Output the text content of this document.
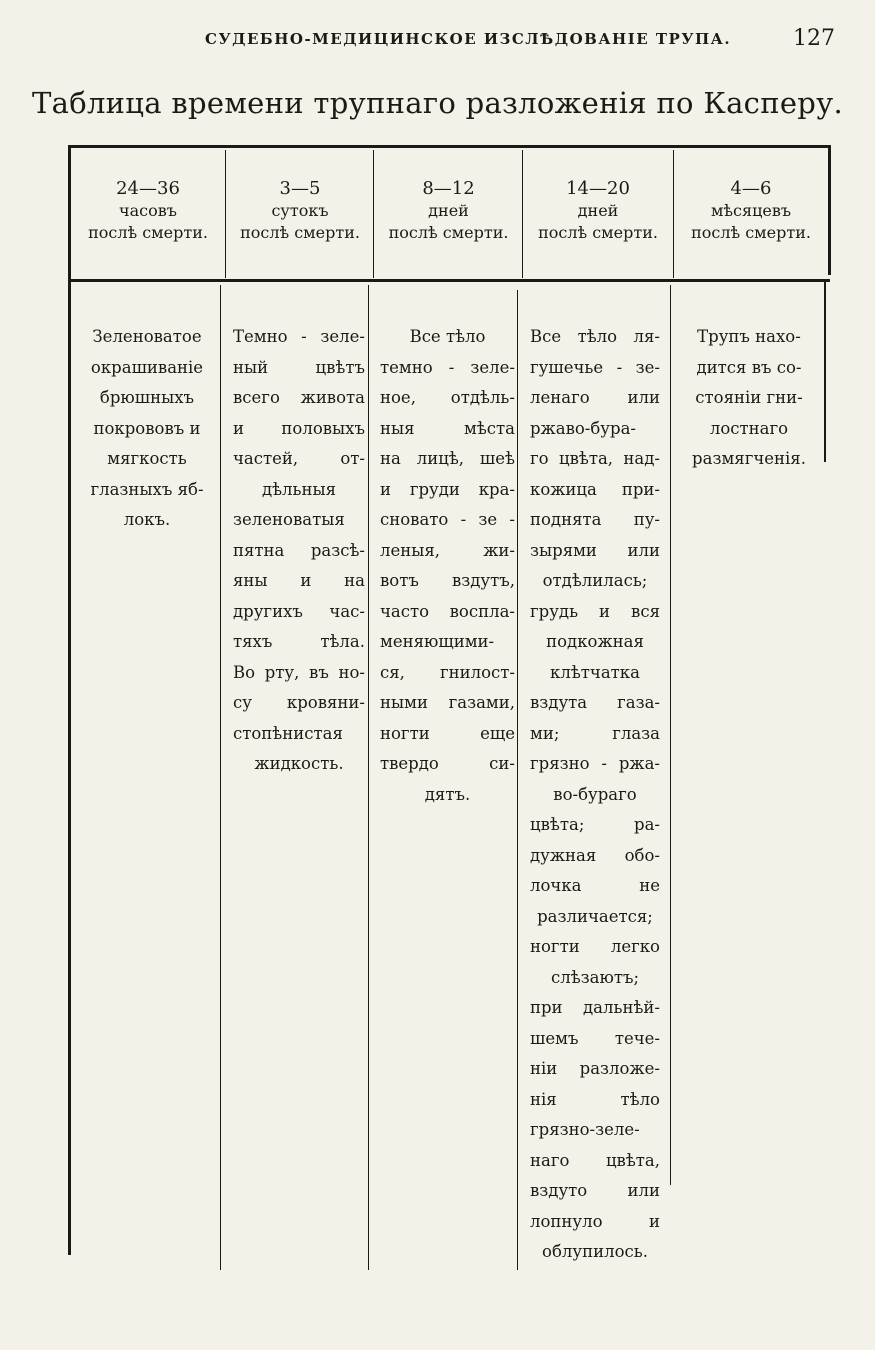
СУДЕБНО-МЕДИЦИНСКОЕ ИЗСЛѢДОВАНІЕ ТРУПА.	127
Таблица времени трупнаго разложенія по Касперу.
24—36
часовъ
послѣ смерти.
3—5
сутокъ
послѣ смерти.
8—12
дней
послѣ смерти.
14—20
дней
послѣ смерти.
4—6
мѣсяцевъ
послѣ смерти.
Зеленоватое
окрашиваніе
брюшныхъ
покрововъ и
мягкость
глазныхъ яб-
локъ.
Темно - зеле-
ный цвѣтъ
всего живота
и половыхъ
частей, от-
дѣльныя
зеленоватыя
пятна разсѣ-
яны и на
другихъ час-
тяхъ тѣла.
Во рту, въ но-
су кровяни-
стопѣнистая
жидкость.
Все тѣло
темно - зеле-
ное, отдѣль-
ныя мѣста
на лицѣ, шеѣ
и груди кра-
сновато - зе -
леныя, жи-
вотъ вздутъ,
часто воспла-
меняющими-
ся, гнилост-
ными газами,
ногти еще
твердо си-
дятъ.
Все тѣло ля-
гушечье - зе-
ленаго или
ржаво-бура-
го цвѣта, над-
кожица при-
поднята пу-
зырями или
отдѣлилась;
грудь и вся
подкожная
клѣтчатка
вздута газа-
ми; глаза
грязно - ржа-
во-бураго
цвѣта; ра-
дужная обо-
лочка не
различается;
ногти легко
слѣзаютъ;
при дальнѣй-
шемъ тече-
ніи разложе-
нія тѣло
грязно-зеле-
наго цвѣта,
вздуто или
лопнуло и
облупилось.
Трупъ нахо-
дится въ со-
стояніи гни-
лостнаго
размягченія.
